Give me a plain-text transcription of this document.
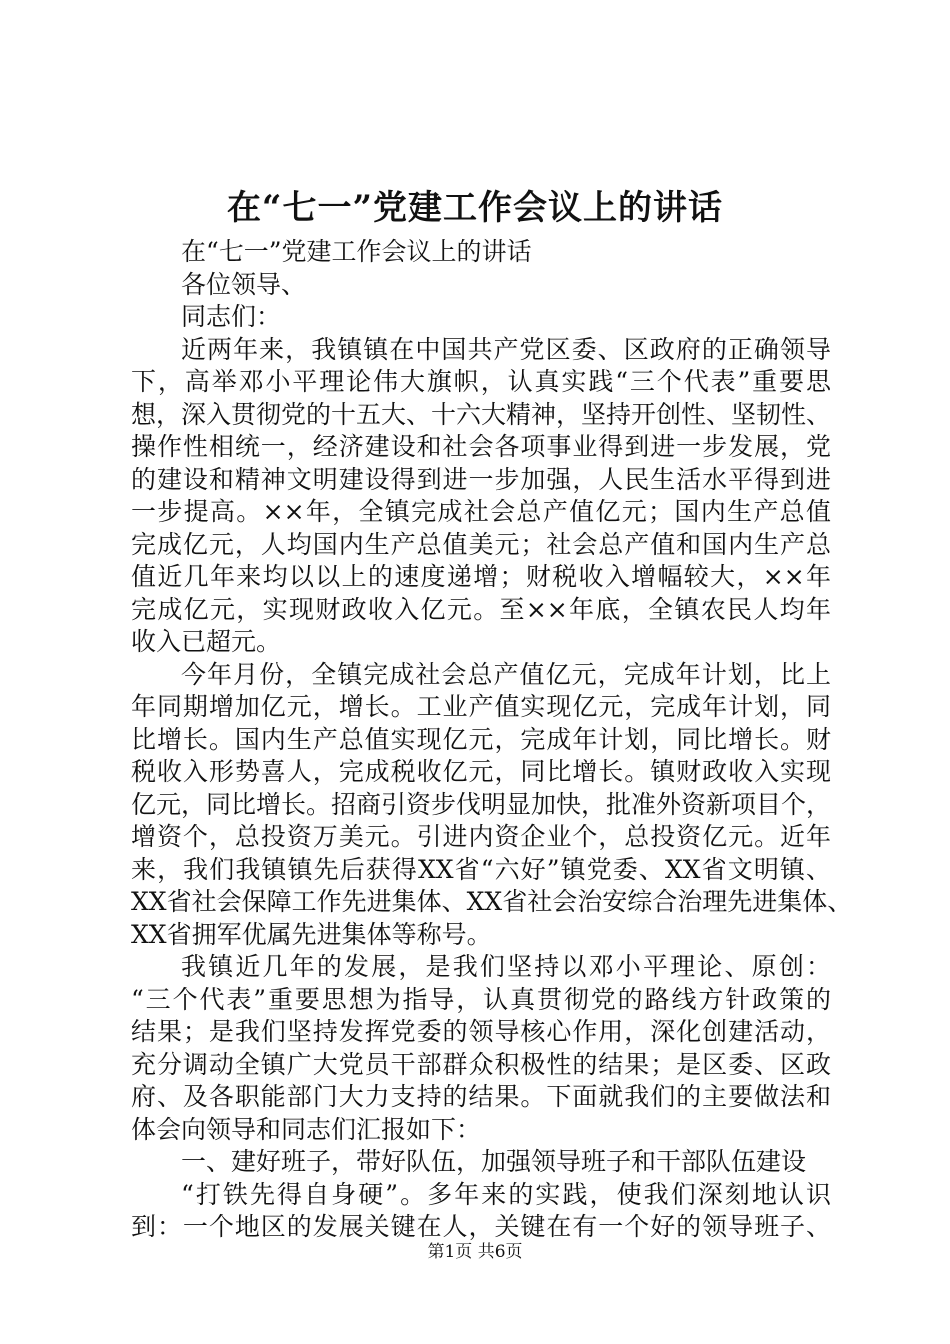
在“七一”党建工作会议上的讲话
在“七一”党建工作会议上的讲话
各位领导、
同志们：
近两年来，我镇镇在中国共产党区委、区政府的正确领导
下，高举邓小平理论伟大旗帜，认真实践“三个代表”重要思
想，深入贯彻党的十五大、十六大精神，坚持开创性、坚韧性、
操作性相统一，经济建设和社会各项事业得到进一步发展，党
的建设和精神文明建设得到进一步加强，人民生活水平得到进
一步提高。××年，全镇完成社会总产值亿元；国内生产总值
完成亿元，人均国内生产总值美元；社会总产值和国内生产总
值近几年来均以以上的速度递增；财税收入增幅较大，××年
完成亿元，实现财政收入亿元。至××年底，全镇农民人均年
收入已超元。
今年月份，全镇完成社会总产值亿元，完成年计划，比上
年同期增加亿元，增长。工业产值实现亿元，完成年计划，同
比增长。国内生产总值实现亿元，完成年计划，同比增长。财
税收入形势喜人，完成税收亿元，同比增长。镇财政收入实现
亿元，同比增长。招商引资步伐明显加快，批准外资新项目个，
增资个，总投资万美元。引进内资企业个，总投资亿元。近年
来，我们我镇镇先后获得XX省“六好”镇党委、XX省文明镇、
XX省社会保障工作先进集体、XX省社会治安综合治理先进集体、
XX省拥军优属先进集体等称号。
我镇近几年的发展，是我们坚持以邓小平理论、原创：
“三个代表”重要思想为指导，认真贯彻党的路线方针政策的
结果；是我们坚持发挥党委的领导核心作用，深化创建活动，
充分调动全镇广大党员干部群众积极性的结果；是区委、区政
府、及各职能部门大力支持的结果。下面就我们的主要做法和
体会向领导和同志们汇报如下：
一、建好班子，带好队伍，加强领导班子和干部队伍建设
“打铁先得自身硬”。多年来的实践，使我们深刻地认识
到：一个地区的发展关键在人，关键在有一个好的领导班子、
第1页 共6页
